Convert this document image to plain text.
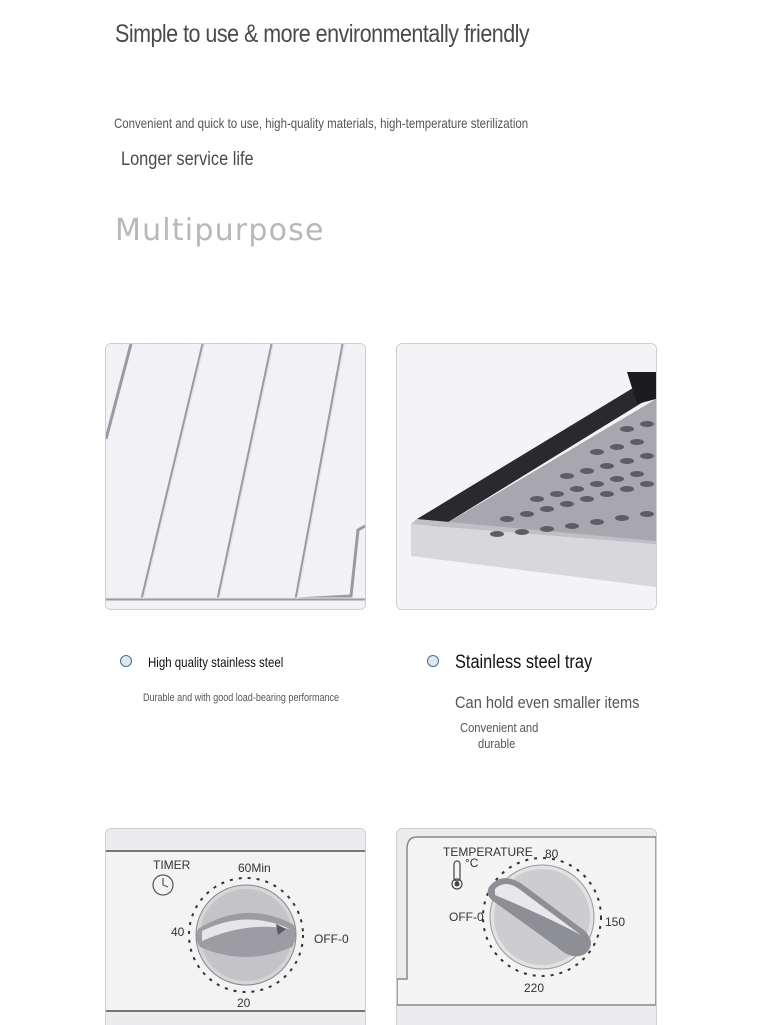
Simple to use & more environmentally friendly
Convenient and quick to use, high-quality materials, high-temperature sterilization
Longer service life
Multipurpose
High quality stainless steel
Durable and with good load-bearing performance
Stainless steel tray
Can hold even smaller items
Convenient and
durable
TIMER	60Min
40	OFF-0
20
TEMPERATURE
°C
80
OFF-0	150
220
